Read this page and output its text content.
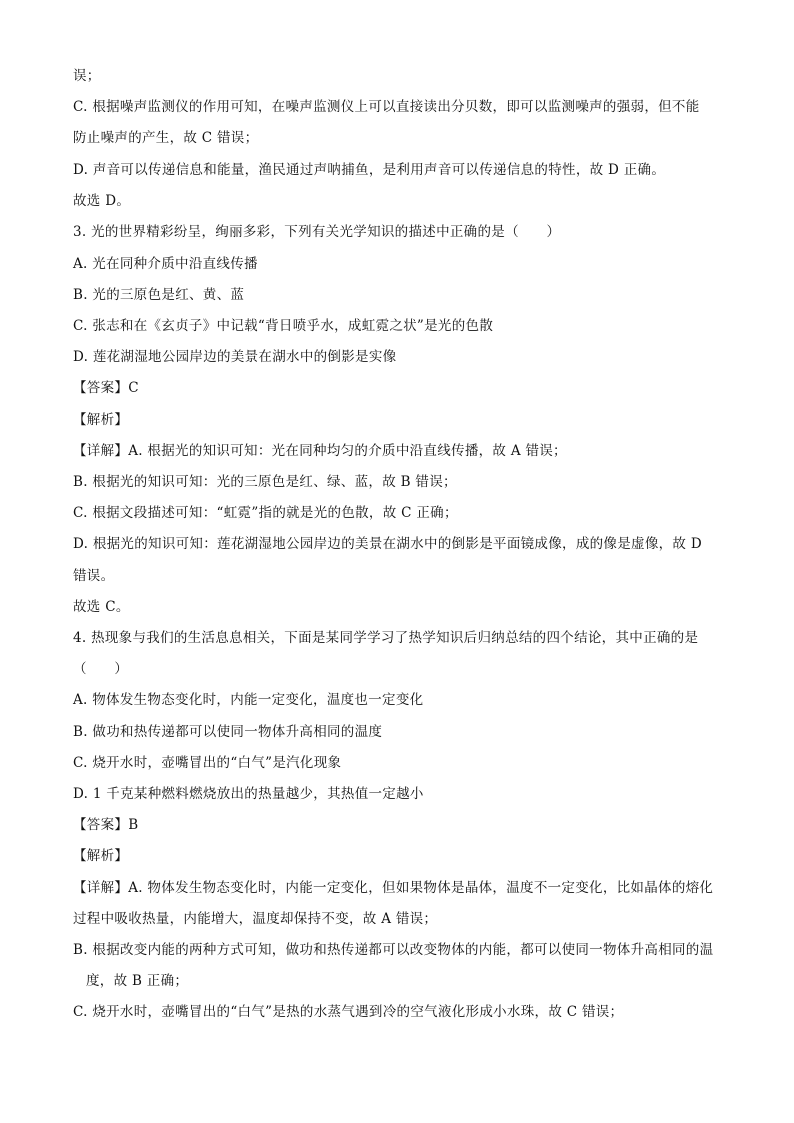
误；
C. 根据噪声监测仪的作用可知，在噪声监测仪上可以直接读出分贝数，即可以监测噪声的强弱，但不能
防止噪声的产生，故 C 错误；
D. 声音可以传递信息和能量，渔民通过声呐捕鱼，是利用声音可以传递信息的特性，故 D 正确。
故选 D。
3. 光的世界精彩纷呈，绚丽多彩，下列有关光学知识的描述中正确的是（　　）
A. 光在同种介质中沿直线传播
B. 光的三原色是红、黄、蓝
C. 张志和在《玄贞子》中记载“背日喷乎水，成虹霓之状”是光的色散
D. 莲花湖湿地公园岸边的美景在湖水中的倒影是实像
【答案】C
【解析】
【详解】A. 根据光的知识可知：光在同种均匀的介质中沿直线传播，故 A 错误；
B. 根据光的知识可知：光的三原色是红、绿、蓝，故 B 错误；
C. 根据文段描述可知：“虹霓”指的就是光的色散，故 C 正确；
D. 根据光的知识可知：莲花湖湿地公园岸边的美景在湖水中的倒影是平面镜成像，成的像是虚像，故 D
错误。
故选 C。
4. 热现象与我们的生活息息相关，下面是某同学学习了热学知识后归纳总结的四个结论，其中正确的是
（　　）
A. 物体发生物态变化时，内能一定变化，温度也一定变化
B. 做功和热传递都可以使同一物体升高相同的温度
C. 烧开水时，壶嘴冒出的“白气”是汽化现象
D. 1 千克某种燃料燃烧放出的热量越少，其热值一定越小
【答案】B
【解析】
【详解】A. 物体发生物态变化时，内能一定变化，但如果物体是晶体，温度不一定变化，比如晶体的熔化
过程中吸收热量，内能增大，温度却保持不变，故 A 错误；
B. 根据改变内能的两种方式可知，做功和热传递都可以改变物体的内能，都可以使同一物体升高相同的温
度，故 B 正确；
C. 烧开水时，壶嘴冒出的“白气”是热的水蒸气遇到冷的空气液化形成小水珠，故 C 错误；
